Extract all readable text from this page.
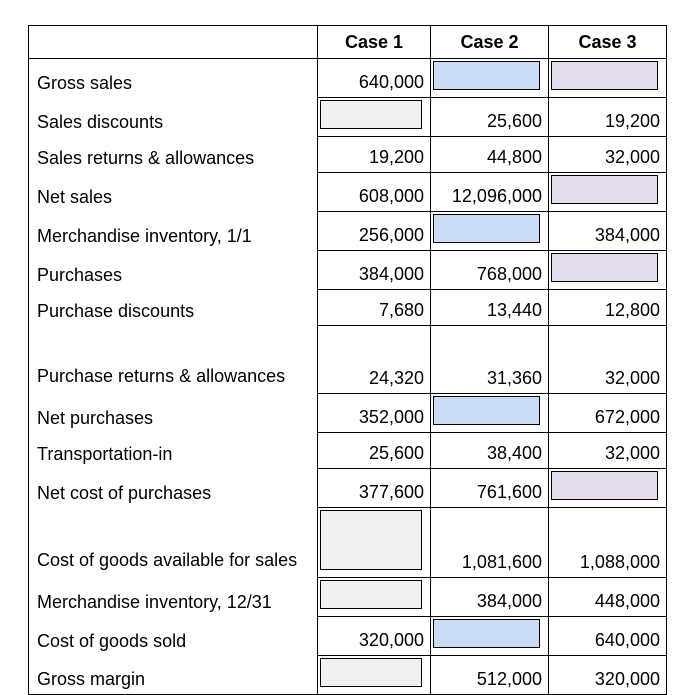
	Case 1	Case 2	Case 3
Gross sales	640,000	

Sales discounts		25,600	19,200
Sales returns & allowances	19,200	44,800	32,000
Net sales	608,000	12,096,000	

Merchandise inventory, 1/1	256,000		384,000
Purchases	384,000	768,000	

Purchase discounts	7,680	13,440	12,800

Purchase returns & allowances	24,320	31,360	32,000
Net purchases	352,000		672,000
Transportation-in	25,600	38,400	32,000
Net cost of purchases	377,600	761,600	

Cost of goods available for sales		1,081,600	1,088,000
Merchandise inventory, 12/31		384,000	448,000
Cost of goods sold	320,000		640,000
Gross margin		512,000	320,000
